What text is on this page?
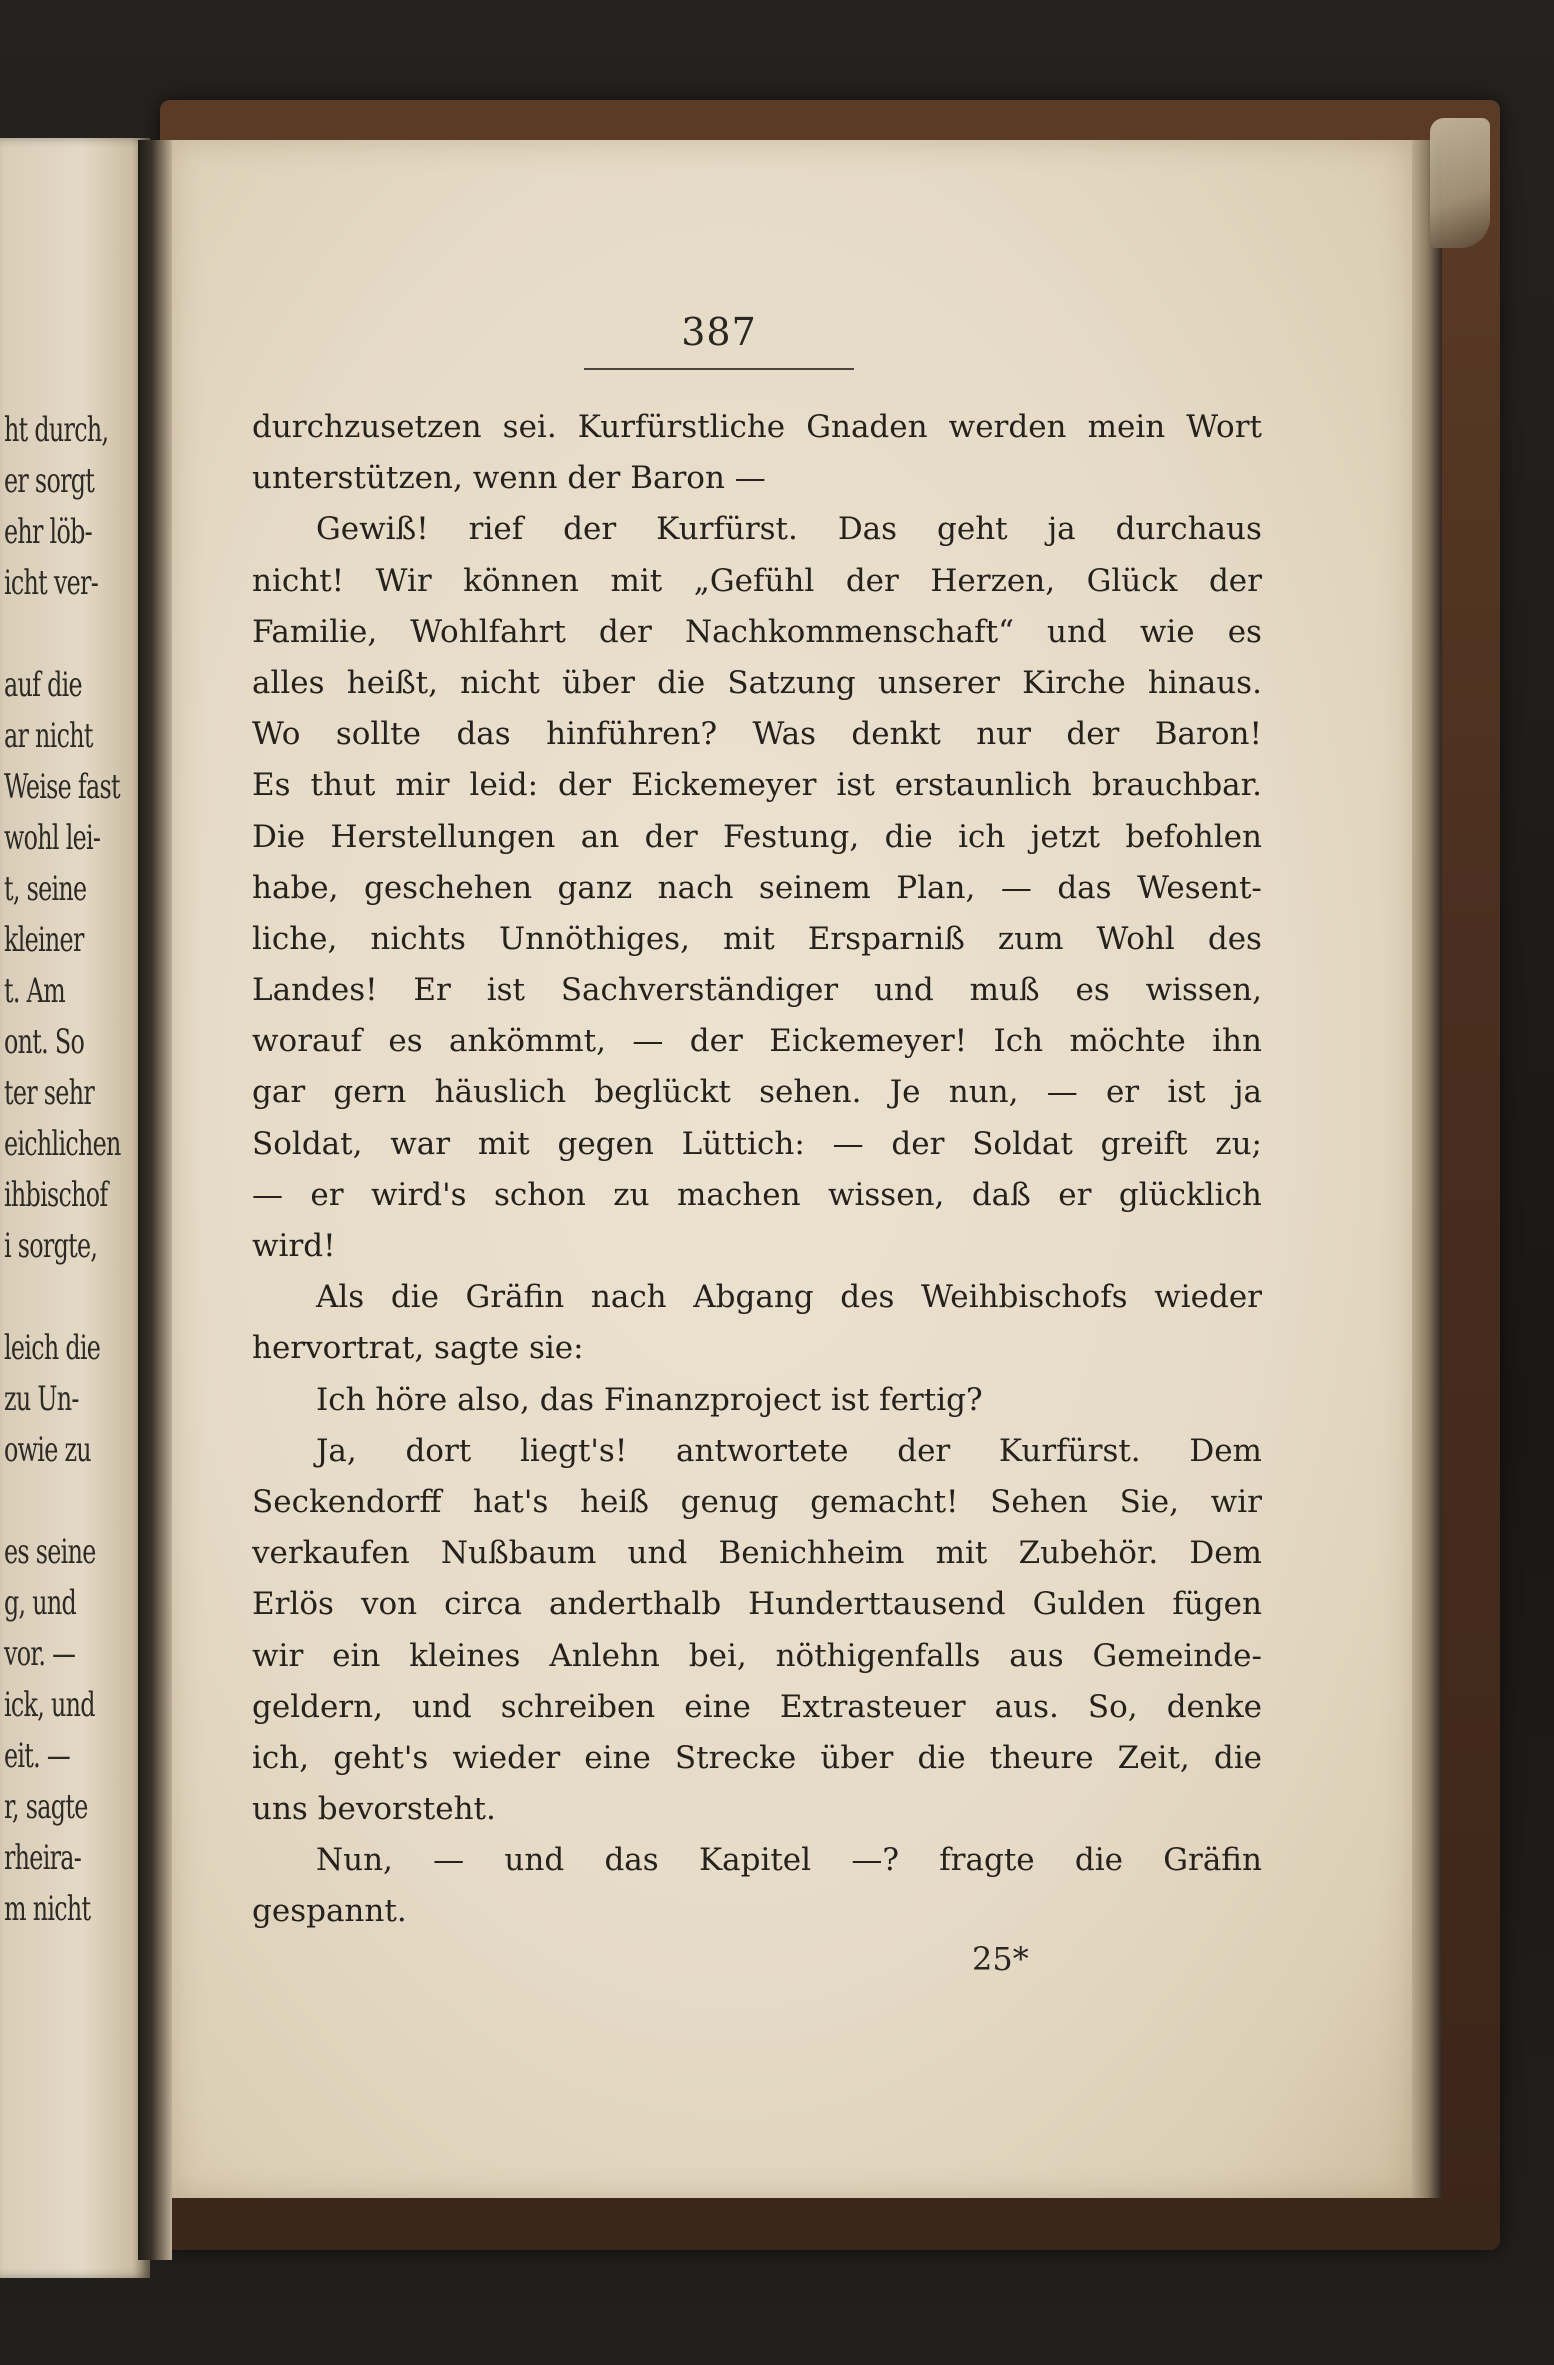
ht durch,
er sorgt
ehr löb-
icht ver-
auf die
ar nicht
Weise fast
wohl lei-
t, seine
kleiner
t. Am
ont. So
ter sehr
eichlichen
ihbischof
i sorgte,
leich die
zu Un-
owie zu
es seine
g, und
vor. —
ick, und
eit. —
r, sagte
rheira-
m nicht
387
durchzusetzen sei. Kurfürstliche Gnaden werden mein Wort
unterstützen, wenn der Baron —
Gewiß! rief der Kurfürst. Das geht ja durchaus
nicht! Wir können mit „Gefühl der Herzen, Glück der
Familie, Wohlfahrt der Nachkommenschaft“ und wie es
alles heißt, nicht über die Satzung unserer Kirche hinaus.
Wo sollte das hinführen? Was denkt nur der Baron!
Es thut mir leid: der Eickemeyer ist erstaunlich brauchbar.
Die Herstellungen an der Festung, die ich jetzt befohlen
habe, geschehen ganz nach seinem Plan, — das Wesent-
liche, nichts Unnöthiges, mit Ersparniß zum Wohl des
Landes! Er ist Sachverständiger und muß es wissen,
worauf es ankömmt, — der Eickemeyer! Ich möchte ihn
gar gern häuslich beglückt sehen. Je nun, — er ist ja
Soldat, war mit gegen Lüttich: — der Soldat greift zu;
— er wird's schon zu machen wissen, daß er glücklich
wird!
Als die Gräfin nach Abgang des Weihbischofs wieder
hervortrat, sagte sie:
Ich höre also, das Finanzproject ist fertig?
Ja, dort liegt's! antwortete der Kurfürst. Dem
Seckendorff hat's heiß genug gemacht! Sehen Sie, wir
verkaufen Nußbaum und Benichheim mit Zubehör. Dem
Erlös von circa anderthalb Hunderttausend Gulden fügen
wir ein kleines Anlehn bei, nöthigenfalls aus Gemeinde-
geldern, und schreiben eine Extrasteuer aus. So, denke
ich, geht's wieder eine Strecke über die theure Zeit, die
uns bevorsteht.
Nun, — und das Kapitel —? fragte die Gräfin
gespannt.
25*
